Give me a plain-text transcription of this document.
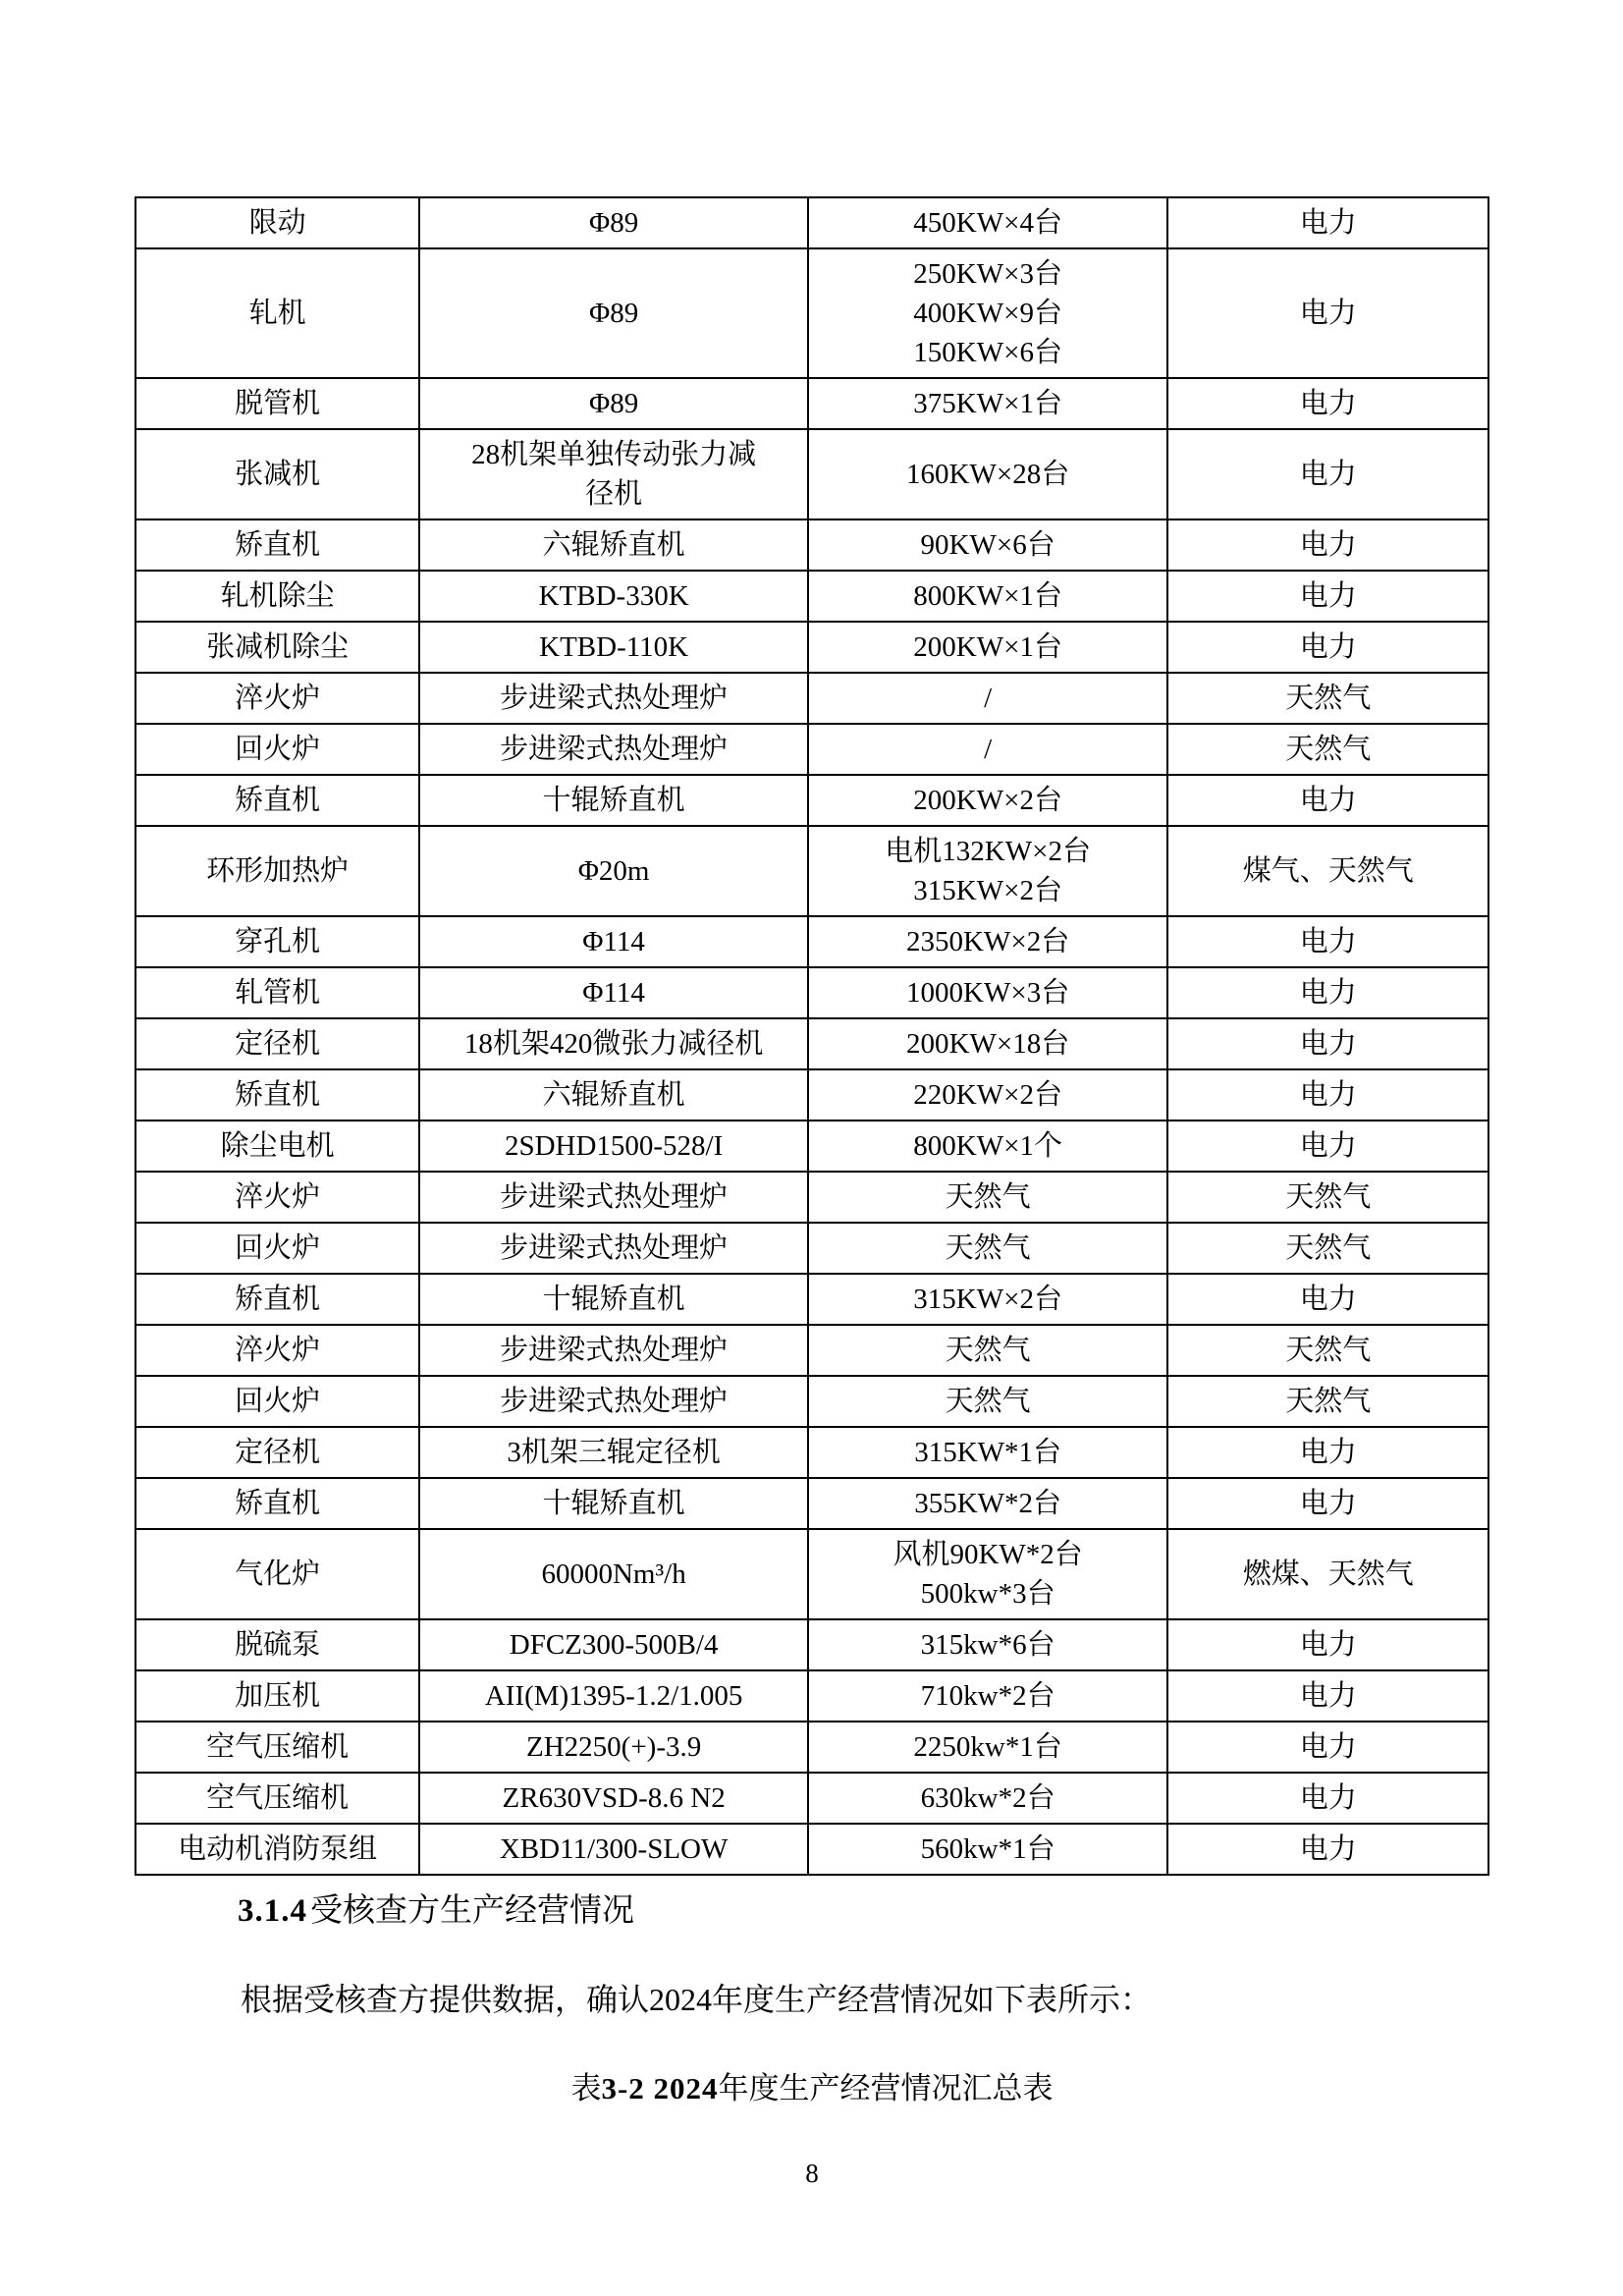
限动	Φ89	450KW×4台	电力

轧机	Φ89	250KW×3台
400KW×9台
150KW×6台	电力

脱管机	Φ89	375KW×1台	电力

张减机	28机架单独传动张力减
径机	160KW×28台	电力

矫直机	六辊矫直机	90KW×6台	电力

轧机除尘	KTBD-330K	800KW×1台	电力

张减机除尘	KTBD-110K	200KW×1台	电力

淬火炉	步进梁式热处理炉	/	天然气

回火炉	步进梁式热处理炉	/	天然气

矫直机	十辊矫直机	200KW×2台	电力

环形加热炉	Φ20m	电机132KW×2台
315KW×2台	煤气、天然气

穿孔机	Φ114	2350KW×2台	电力

轧管机	Φ114	1000KW×3台	电力

定径机	18机架420微张力减径机	200KW×18台	电力

矫直机	六辊矫直机	220KW×2台	电力

除尘电机	2SDHD1500-528/I	800KW×1个	电力

淬火炉	步进梁式热处理炉	天然气	天然气

回火炉	步进梁式热处理炉	天然气	天然气

矫直机	十辊矫直机	315KW×2台	电力

淬火炉	步进梁式热处理炉	天然气	天然气

回火炉	步进梁式热处理炉	天然气	天然气

定径机	3机架三辊定径机	315KW*1台	电力

矫直机	十辊矫直机	355KW*2台	电力

气化炉	60000Nm³/h	风机90KW*2台
500kw*3台	燃煤、天然气

脱硫泵	DFCZ300-500B/4	315kw*6台	电力

加压机	AII(M)1395-1.2/1.005	710kw*2台	电力

空气压缩机	ZH2250(+)-3.9	2250kw*1台	电力

空气压缩机	ZR630VSD-8.6 N2	630kw*2台	电力

电动机消防泵组	XBD11/300-SLOW	560kw*1台	电力
3.1.4受核查方生产经营情况
根据受核查方提供数据，确认2024年度生产经营情况如下表所示：
表3-2 2024年度生产经营情况汇总表
8
